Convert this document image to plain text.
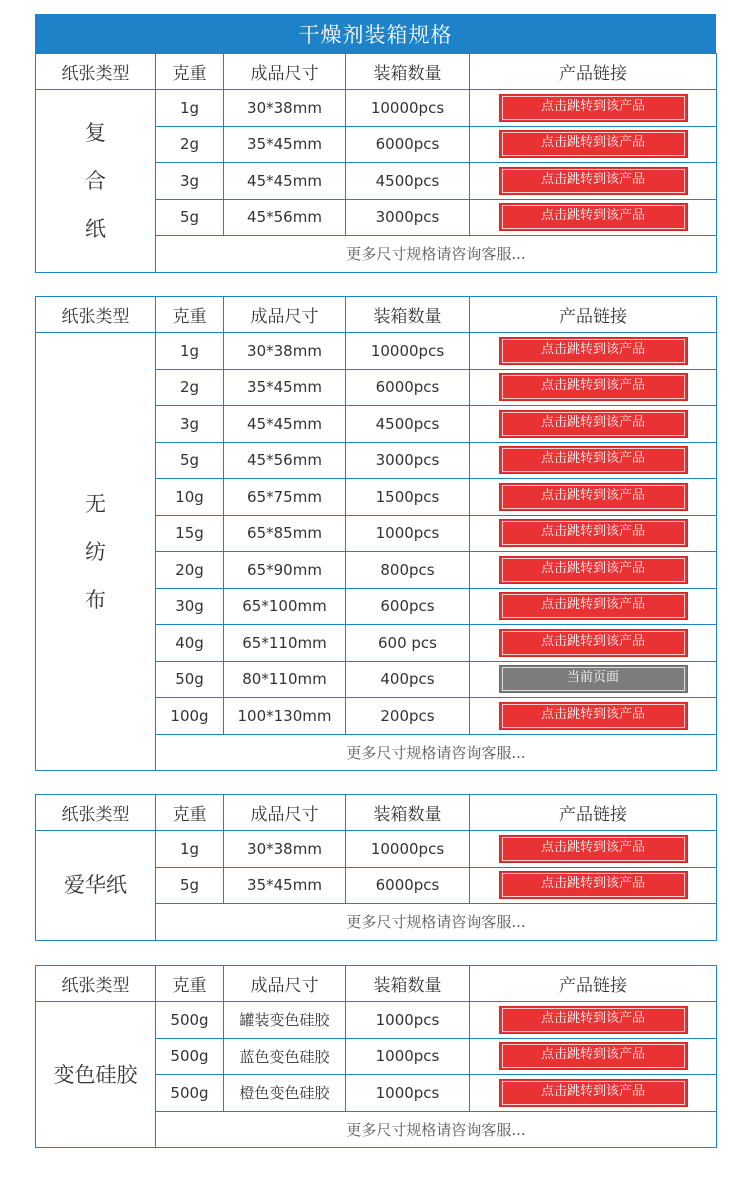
干燥剂装箱规格
纸张类型	克重	成品尺寸	装箱数量	产品链接
复
合
纸	1g	30*38mm	10000pcs	点击跳转到该产品

	2g	35*45mm	6000pcs	点击跳转到该产品

	3g	45*45mm	4500pcs	点击跳转到该产品

	5g	45*56mm	3000pcs	点击跳转到该产品

	更多尺寸规格请咨询客服...			
纸张类型	克重	成品尺寸	装箱数量	产品链接
无
纺
布	1g	30*38mm	10000pcs	点击跳转到该产品

	2g	35*45mm	6000pcs	点击跳转到该产品

	3g	45*45mm	4500pcs	点击跳转到该产品

	5g	45*56mm	3000pcs	点击跳转到该产品

	10g	65*75mm	1500pcs	点击跳转到该产品

	15g	65*85mm	1000pcs	点击跳转到该产品

	20g	65*90mm	800pcs	点击跳转到该产品

	30g	65*100mm	600pcs	点击跳转到该产品

	40g	65*110mm	600 pcs	点击跳转到该产品

	50g	80*110mm	400pcs	当前页面

	100g	100*130mm	200pcs	点击跳转到该产品

	更多尺寸规格请咨询客服...			
纸张类型	克重	成品尺寸	装箱数量	产品链接
爱华纸	1g	30*38mm	10000pcs	点击跳转到该产品

	5g	35*45mm	6000pcs	点击跳转到该产品

	更多尺寸规格请咨询客服...			
纸张类型	克重	成品尺寸	装箱数量	产品链接
变色硅胶	500g	罐装变色硅胶	1000pcs	点击跳转到该产品

	500g	蓝色变色硅胶	1000pcs	点击跳转到该产品

	500g	橙色变色硅胶	1000pcs	点击跳转到该产品

	更多尺寸规格请咨询客服...			
